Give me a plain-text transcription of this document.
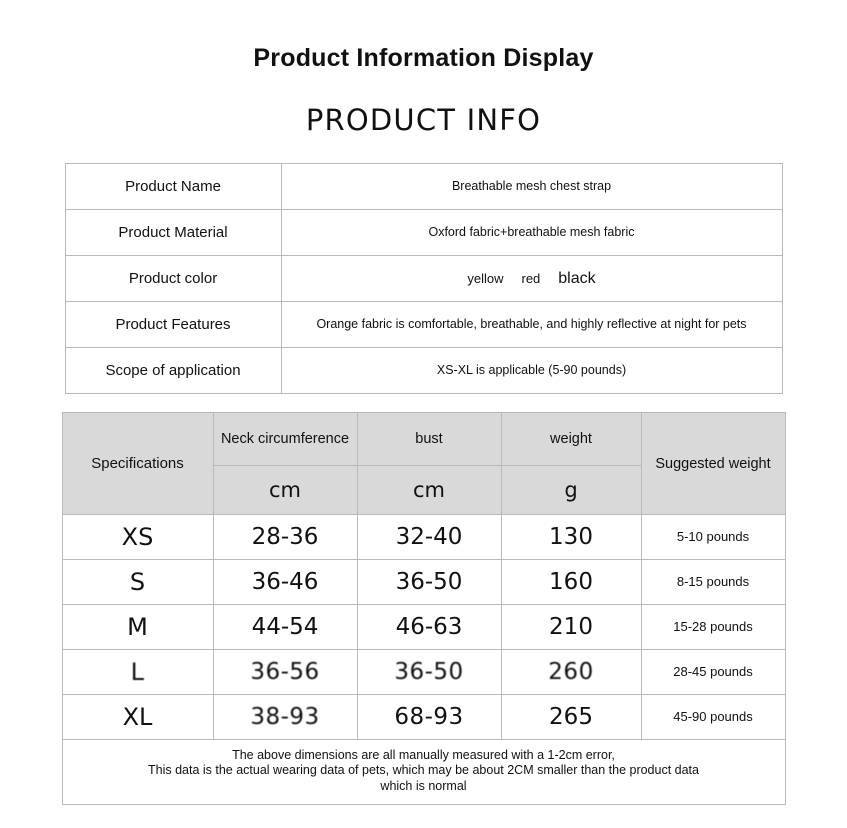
Product Information Display
PRODUCT INFO
Product Name	Breathable mesh chest strap

Product Material	Oxford fabric+breathable mesh fabric

Product color	yellow red black

Product Features	Orange fabric is comfortable, breathable, and highly reflective at night for pets

Scope of application	XS-XL is applicable (5-90 pounds)
Specifications	Neck circumference	bust	weight	Suggested weight
	cm	cm	g	
XS	28-36	32-40	130	5-10 pounds
S	36-46	36-50	160	8-15 pounds
M	44-54	46-63	210	15-28 pounds
L	36-56	36-50	260	28-45 pounds
XL	38-93	68-93	265	45-90 pounds

The above dimensions are all manually measured with a 1-2cm error,
This data is the actual wearing data of pets, which may be about 2CM smaller than the product data
which is normal				
